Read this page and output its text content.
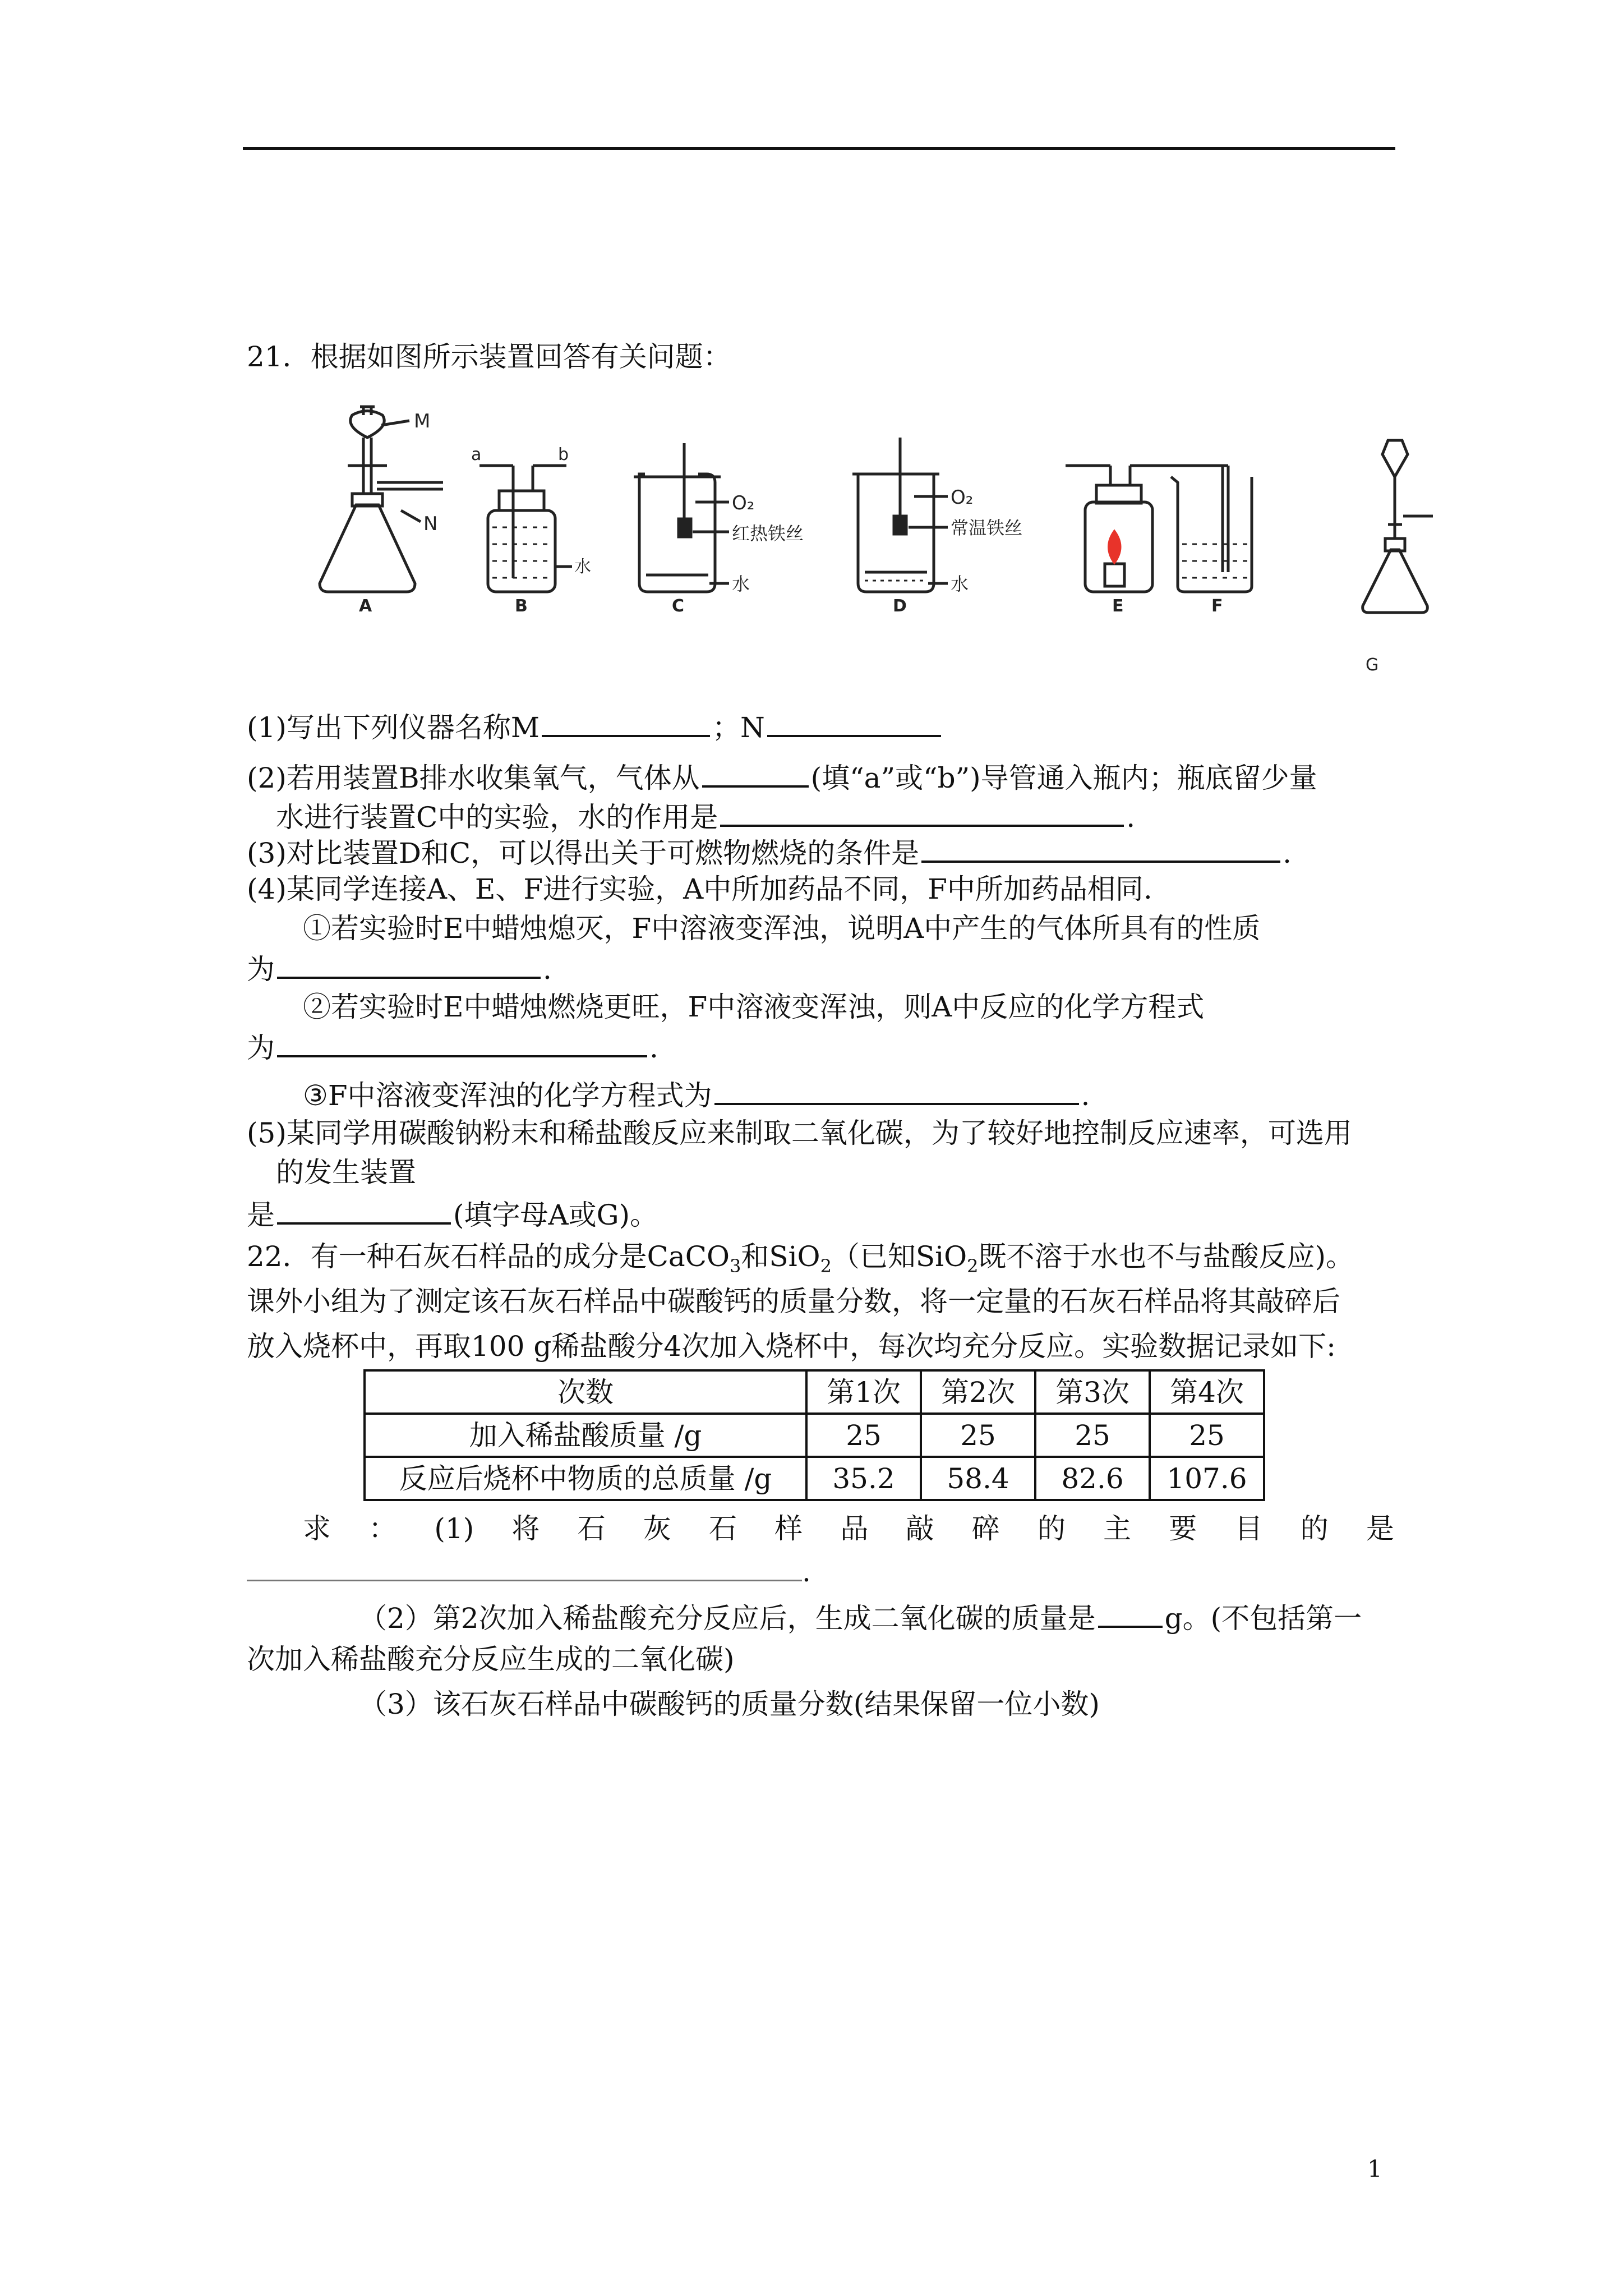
21．根据如图所示装置回答有关问题：
M
N
a	b
水
O₂
红热铁丝
水
O₂
常温铁丝
水
A	B	C	D	E	F
G
(1)写出下列仪器名称M	；N
(2)若用装置B排水收集氧气，气体从	(填“a”或“b”)导管通入瓶内；瓶底留少量
水进行装置C中的实验，水的作用是	.
(3)对比装置D和C，可以得出关于可燃物燃烧的条件是	.
(4)某同学连接A、E、F进行实验，A中所加药品不同，F中所加药品相同.
①若实验时E中蜡烛熄灭，F中溶液变浑浊，说明A中产生的气体所具有的性质
为	.
②若实验时E中蜡烛燃烧更旺，F中溶液变浑浊，则A中反应的化学方程式
为	.
③F中溶液变浑浊的化学方程式为	.
(5)某同学用碳酸钠粉末和稀盐酸反应来制取二氧化碳，为了较好地控制反应速率，可选用
的发生装置
是	(填字母A或G)。
22．有一种石灰石样品的成分是CaCO$_3$和SiO$_2$（已知SiO$_2$既不溶于水也不与盐酸反应)。
课外小组为了测定该石灰石样品中碳酸钙的质量分数，将一定量的石灰石样品将其敲碎后
放入烧杯中，再取100 g稀盐酸分4次加入烧杯中，每次均充分反应。实验数据记录如下:
次数	第1次	第2次	第3次	第4次
加入稀盐酸质量 /g	25	25	25	25
反应后烧杯中物质的总质量 /g	35.2	58.4	82.6	107.6
求 ： (1) 将 石 灰 石 样 品 敲 碎 的 主 要 目 的 是
.
（2）第2次加入稀盐酸充分反应后，生成二氧化碳的质量是 g。(不包括第一
次加入稀盐酸充分反应生成的二氧化碳)
（3）该石灰石样品中碳酸钙的质量分数(结果保留一位小数)
1
